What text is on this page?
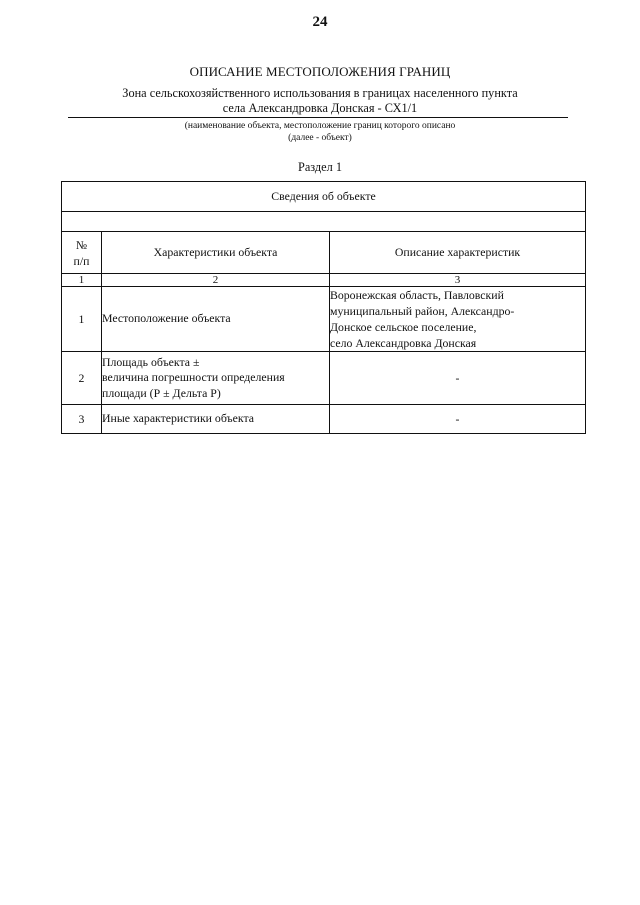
24
ОПИСАНИЕ МЕСТОПОЛОЖЕНИЯ ГРАНИЦ
Зона сельскохозяйственного использования в границах населенного пункта
села Александровка Донская - СХ1/1
(наименование объекта, местоположение границ которого описано
(далее - объект)
Раздел 1
Сведения об объекте		

№
п/п	Характеристики объекта	Описание характеристик
1	2	3
1	Местоположение объекта	Воронежская область, Павловский
муниципальный район, Александро-
Донское сельское поселение,
село Александровка Донская

2	Площадь объекта ±
величина погрешности определения
площади (Р ± Дельта Р)	-
3	Иные характеристики объекта	-
